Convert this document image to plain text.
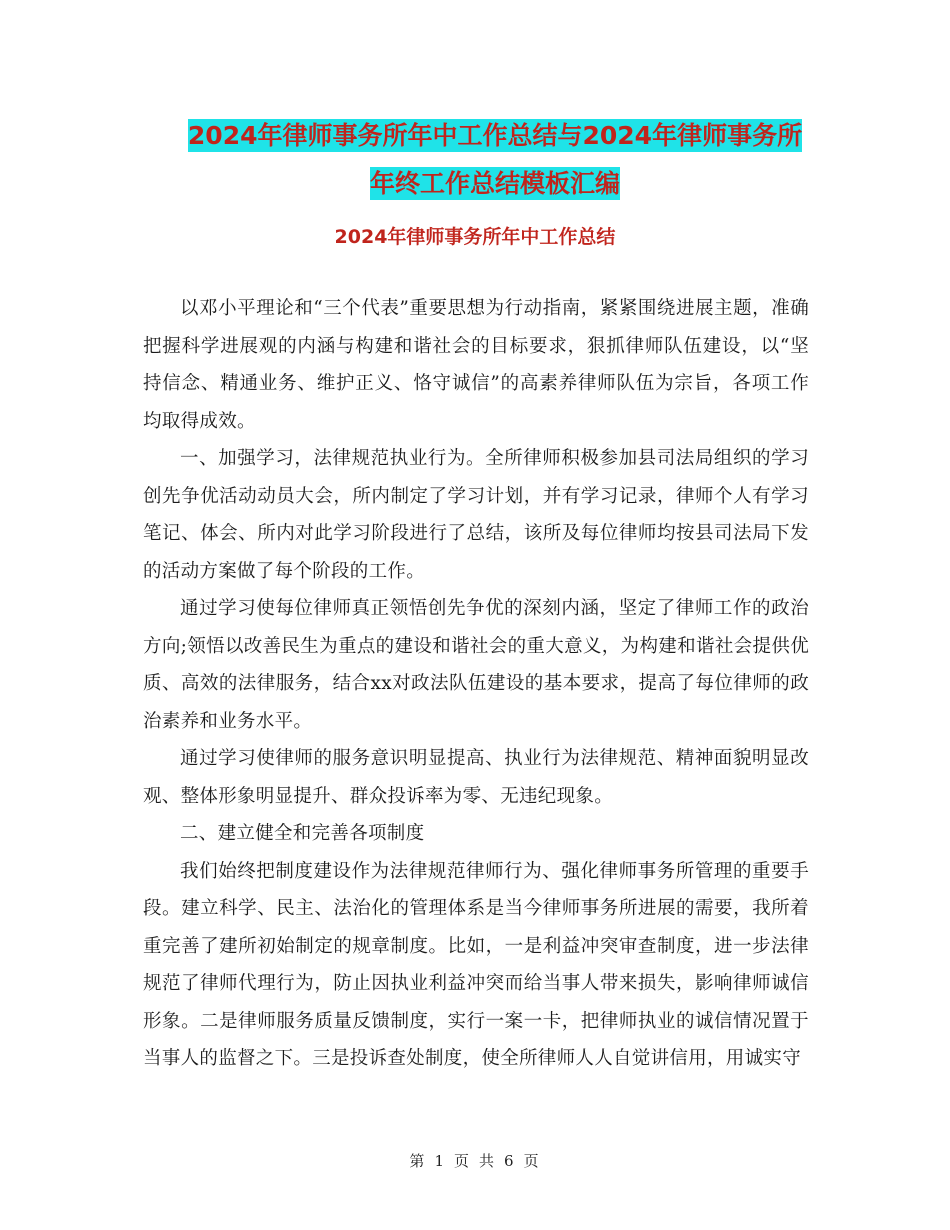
2024年律师事务所年中工作总结与2024年律师事务所
年终工作总结模板汇编
2024年律师事务所年中工作总结

以邓小平理论和“三个代表”重要思想为行动指南，紧紧围绕进展主题，准确把握科学进展观的内涵与构建和谐社会的目标要求，狠抓律师队伍建设，以“坚持信念、精通业务、维护正义、恪守诚信”的高素养律师队伍为宗旨，各项工作均取得成效。

一、加强学习，法律规范执业行为。全所律师积极参加县司法局组织的学习创先争优活动动员大会，所内制定了学习计划，并有学习记录，律师个人有学习笔记、体会、所内对此学习阶段进行了总结，该所及每位律师均按县司法局下发的活动方案做了每个阶段的工作。

通过学习使每位律师真正领悟创先争优的深刻内涵，坚定了律师工作的政治方向;领悟以改善民生为重点的建设和谐社会的重大意义，为构建和谐社会提供优质、高效的法律服务，结合xx对政法队伍建设的基本要求，提高了每位律师的政治素养和业务水平。

通过学习使律师的服务意识明显提高、执业行为法律规范、精神面貌明显改观、整体形象明显提升、群众投诉率为零、无违纪现象。

二、建立健全和完善各项制度

我们始终把制度建设作为法律规范律师行为、强化律师事务所管理的重要手段。建立科学、民主、法治化的管理体系是当今律师事务所进展的需要，我所着重完善了建所初始制定的规章制度。比如，一是利益冲突审查制度，进一步法律规范了律师代理行为，防止因执业利益冲突而给当事人带来损失，影响律师诚信形象。二是律师服务质量反馈制度，实行一案一卡，把律师执业的诚信情况置于当事人的监督之下。三是投诉查处制度，使全所律师人人自觉讲信用，用诚实守

第 1 页 共 6 页
